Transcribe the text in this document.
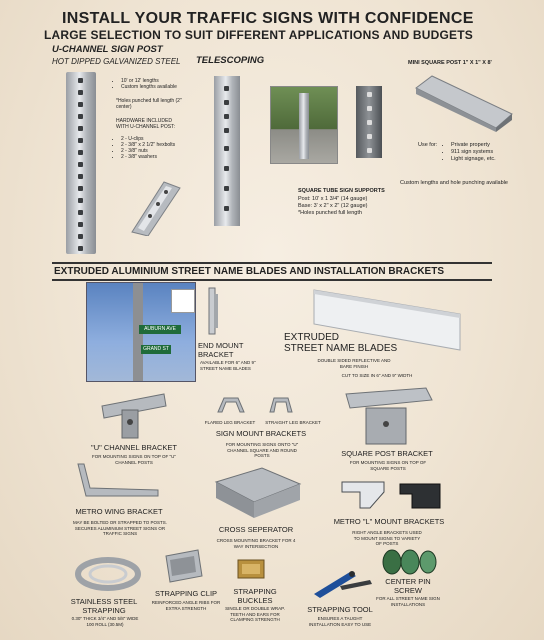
INSTALL YOUR TRAFFIC SIGNS WITH CONFIDENCE
LARGE SELECTION TO SUIT DIFFERENT APPLICATIONS AND BUDGETS
U-CHANNEL SIGN POST
HOT DIPPED GALVANIZED STEEL
• 10' or 12' lengths
• Custom lengths available
*Holes punched full length (2" center)
HARDWARE INCLUDED WITH U-CHANNEL POST:
• 2 - U-clips
• 2 - 3/8" x 2 1/2" hexbolts
• 2 - 3/8" nuts
• 2 - 3/8" washers
TELESCOPING
SQUARE TUBE SIGN SUPPORTS
Post: 10' x 1 3/4" (14 gauge)
Base: 3' x 2" x 2" (12 gauge)
*Holes punched full length
MINI SQUARE POST 1" X 1" X 8'
Use for:
• Private property
• 911 sign systems
• Light signage, etc.
Custom lengths and hole punching available
EXTRUDED ALUMINIUM STREET NAME BLADES AND INSTALLATION BRACKETS
AUBURN AVE
GRAND ST	END MOUNT BRACKET
AVAILABLE FOR 6" AND 9" STREET NAME BLADES
EXTRUDED
STREET NAME BLADES
DOUBLE SIDED REFLECTIVE AND BARE FINISH
CUT TO SIZE IN 6" AND 9" WIDTH
"U" CHANNEL BRACKET
FOR MOUNTING SIGNS ON TOP OF "U" CHANNEL POSTS
FLARED LEG BRACKET	STRAIGHT LEG BRACKET
SIGN MOUNT BRACKETS
FOR MOUNTING SIGNS ONTO "U" CHANNEL SQUARE AND ROUND POSTS	SQUARE POST BRACKET
FOR MOUNTING SIGNS ON TOP OF SQUARE POSTS
METRO WING BRACKET
MAY BE BOLTED OR STRAPPED TO POSTS. SECURES ALUMINIUM STREET SIGNS OR TRAFFIC SIGNS	CROSS SEPERATOR
CROSS MOUNTING BRACKET FOR 4 WAY INTERSECTION
METRO "L" MOUNT BRACKETS
RIGHT ANGLE BRACKETS USED TO MOUNT SIGNS TO VARIETY OF POSTS
STAINLESS STEEL STRAPPING
0.30" THICK 3/4" AND 5/8" WIDE 100 ROLL (30.5M)
STRAPPING CLIP
REINFORCED ANGLE RIBS FOR EXTRA STRENGTH
STRAPPING BUCKLES
SINGLE OR DOUBLE WRAP. TEETH AND EARS FOR CLAMPING STRENGTH
STRAPPING TOOL
ENSURES A TAUGHT INSTALLATION EASY TO USE
CENTER PIN SCREW
FOR ALL STREET NAME SIGN INSTALLATIONS
